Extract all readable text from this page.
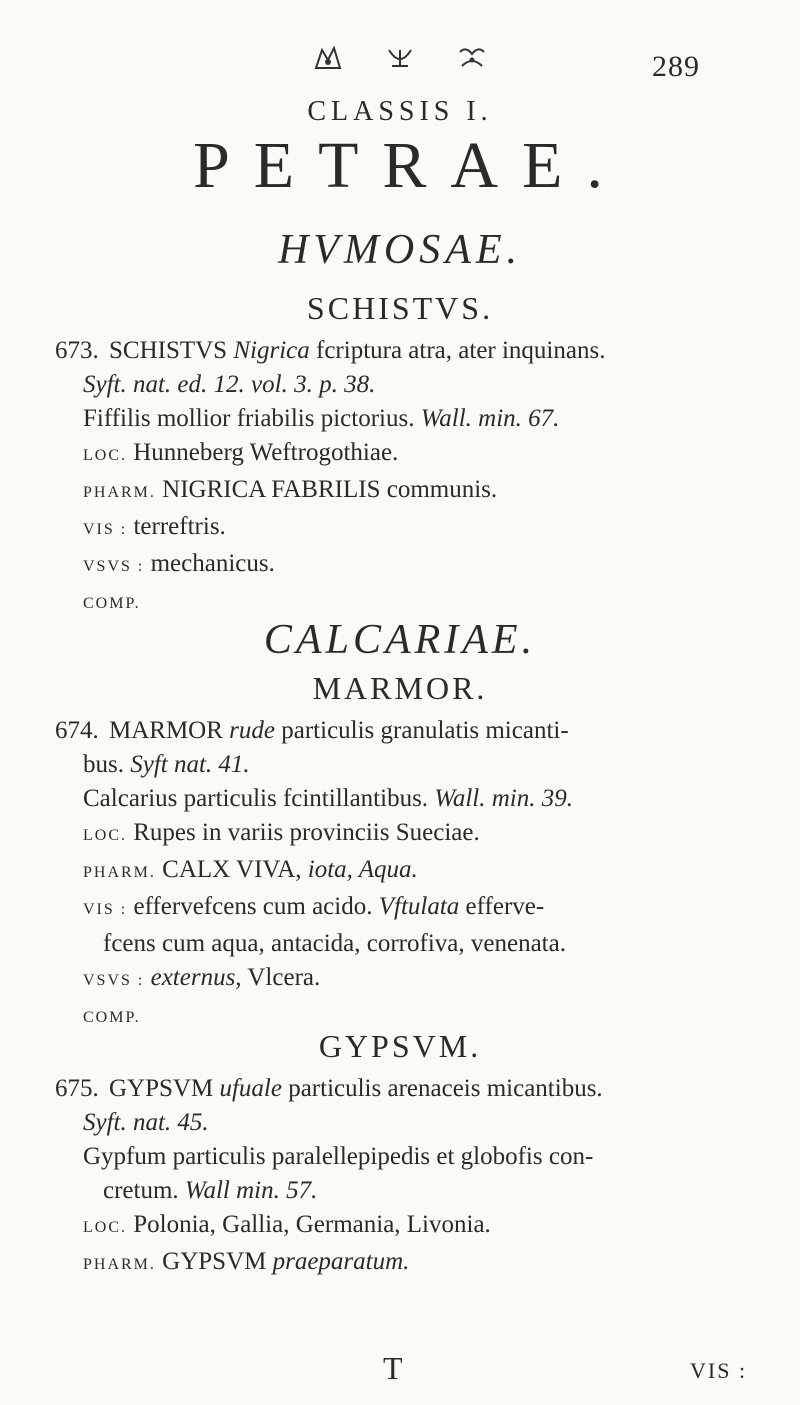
289
CLASSIS I.
PETRAE.
HVMOSAE.
SCHISTVS.
673. SCHISTVS Nigrica fcriptura atra, ater inquinans.
Syft. nat. ed. 12. vol. 3. p. 38.
Fiffilis mollior friabilis pictorius. Wall. min. 67.
LOC. Hunneberg Weftrogothiae.
PHARM. NIGRICA FABRILIS communis.
VIS : terreftris.
VSVS : mechanicus.
COMP.
CALCARIAE.
MARMOR.
674. MARMOR rude particulis granulatis micanti-
bus. Syft nat. 41.
Calcarius particulis fcintillantibus. Wall. min. 39.
LOC. Rupes in variis provinciis Sueciae.
PHARM. CALX VIVA, iota, Aqua.
VIS : effervefcens cum acido. Vftulata efferve-
fcens cum aqua, antacida, corrofiva, venenata.
VSVS : externus, Vlcera.
COMP.
GYPSVM.
675. GYPSVM ufuale particulis arenaceis micantibus.
Syft. nat. 45.
Gypfum particulis paralellepipedis et globofis con-
cretum. Wall min. 57.
LOC. Polonia, Gallia, Germania, Livonia.
PHARM. GYPSVM praeparatum.
T	VIS :
